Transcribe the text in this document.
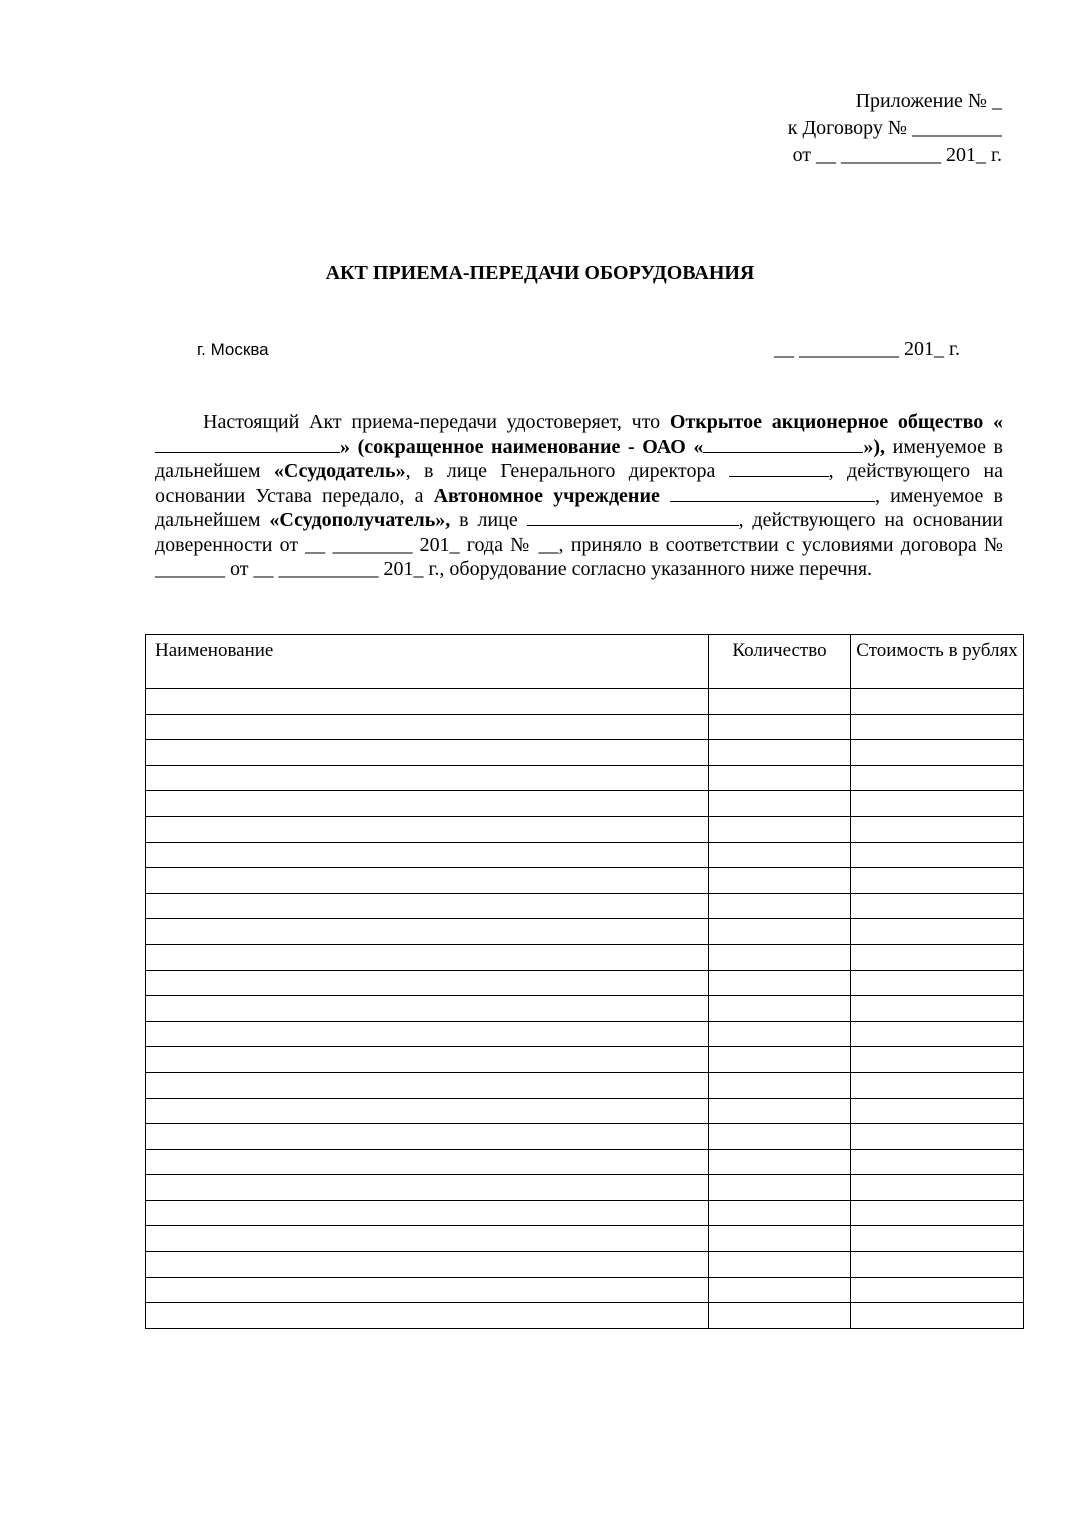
Приложение № _
к Договору № _________
от __ __________ 201_ г.
АКТ ПРИЕМА-ПЕРЕДАЧИ ОБОРУДОВАНИЯ
г. Москва	__ __________ 201_ г.

Настоящий Акт приема-передачи удостоверяет, что Открытое акционерное общество «» (сокращенное наименование - ОАО «	»), именуемое в дальнейшем «Ссудодатель», в лице Генерального директора	, действующего на основании Устава передало, а Автономное учреждение	, именуемое в дальнейшем «Ссудополучатель», в лице	, действующего на основании доверенности от __ ________ 201_ года № __, приняло в соответствии с условиями договора № _______ от __ __________ 201_ г., оборудование согласно указанного ниже перечня.

Наименование	Количество	Стоимость в рублях
